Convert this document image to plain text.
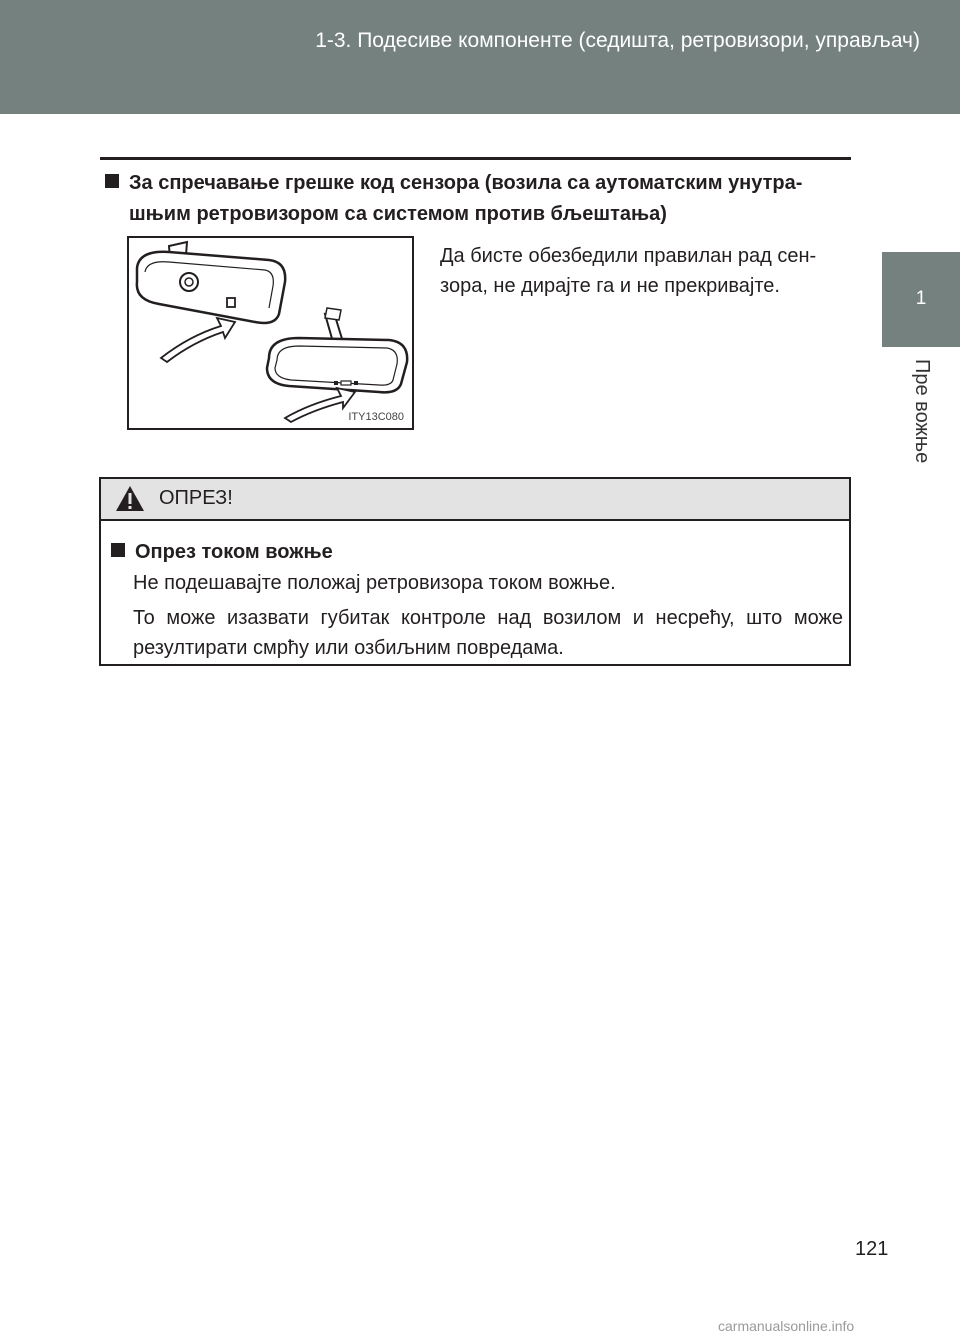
1-3. Подесиве компоненте (седишта, ретровизори, управљач)
1
Пре вожње
За спречавање грешке код сензора (возила са аутоматским унутра-
шњим ретровизором са системом против бљештања)
ITY13C080
Да бисте обезбедили правилан рад сен-
зора, не дирајте га и не прекривајте.
ОПРЕЗ!
Опрез током вожње
Не подешавајте положај ретровизора током вожње.
То може изазвати губитак контроле над возилом и несрећу, што може резултирати смрћу или озбиљним повредама.
121
carmanualsonline.info
